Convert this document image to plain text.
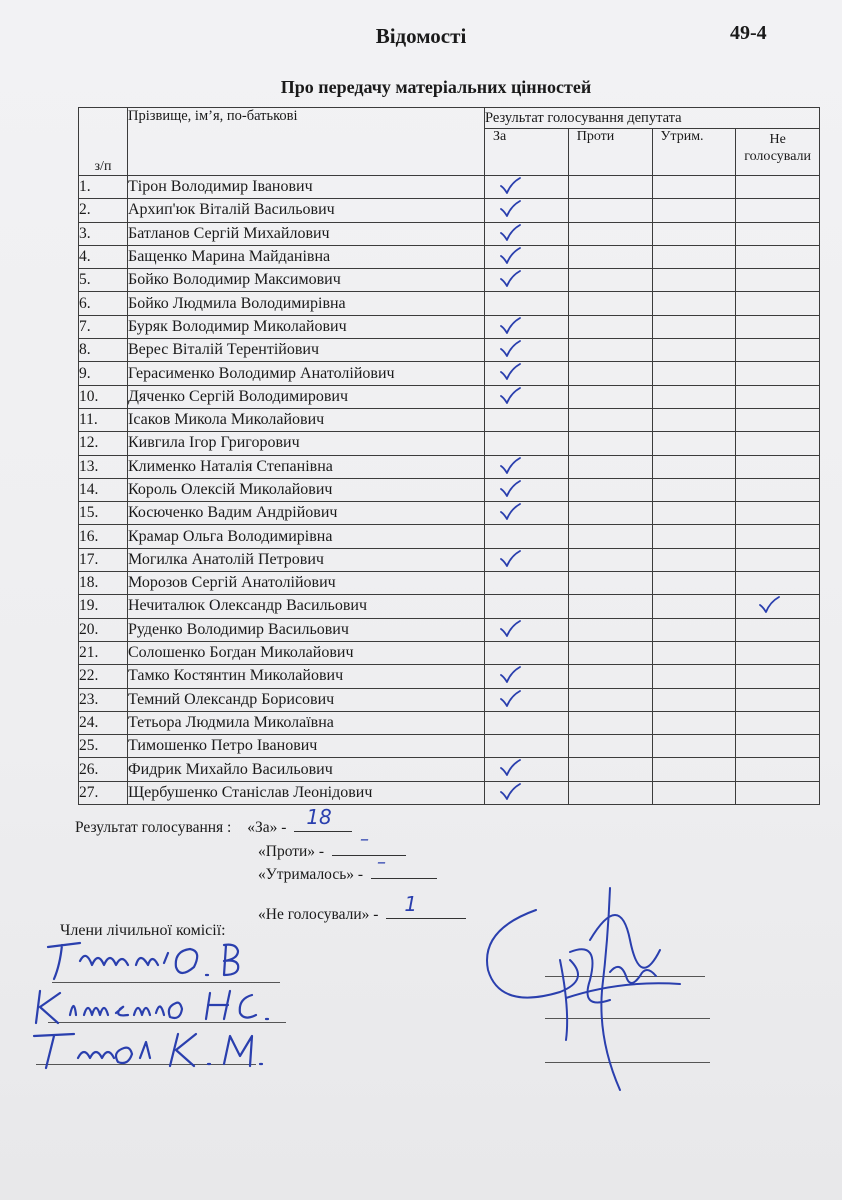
Відомості	49-4
Про передачу матеріальних цінностей
з/п	Прізвище, ім’я, по-батькові	Результат голосування депутата			
		За	Проти	Утрим.	Не голосували
1.	Тірон Володимир Іванович	

2.	Архип'юк Віталій Васильович	

3.	Батланов Сергій Михайлович	

4.	Бащенко Марина Майданівна	

5.	Бойко Володимир Максимович	

6.	Бойко Людмила Володимирівна				
7.	Буряк Володимир Миколайович	

8.	Верес Віталій Терентійович	

9.	Герасименко Володимир Анатолійович	

10.	Дяченко Сергій Володимирович	

11.	Ісаков Микола Миколайович				
12.	Кивгила Ігор Григорович				
13.	Клименко Наталія Степанівна	

14.	Король Олексій Миколайович	

15.	Косюченко Вадим Андрійович	

16.	Крамар Ольга Володимирівна				
17.	Могилка Анатолій Петрович	

18.	Морозов Сергій Анатолійович				
19.	Нечиталюк Олександр Васильович				

20.	Руденко Володимир Васильович	

21.	Солошенко Богдан Миколайович				
22.	Тамко Костянтин Миколайович	

23.	Темний Олександр Борисович	

24.	Тетьора Людмила Миколаївна				
25.	Тимошенко Петро Іванович				
26.	Фидрик Михайло Васильович	

27.	Щербушенко Станіслав Леонідович	

Результат голосування : «За» - 18
«Проти» -
–
«Утрималось» -
–
«Не голосували» - 1
Члени лічильної комісії:
